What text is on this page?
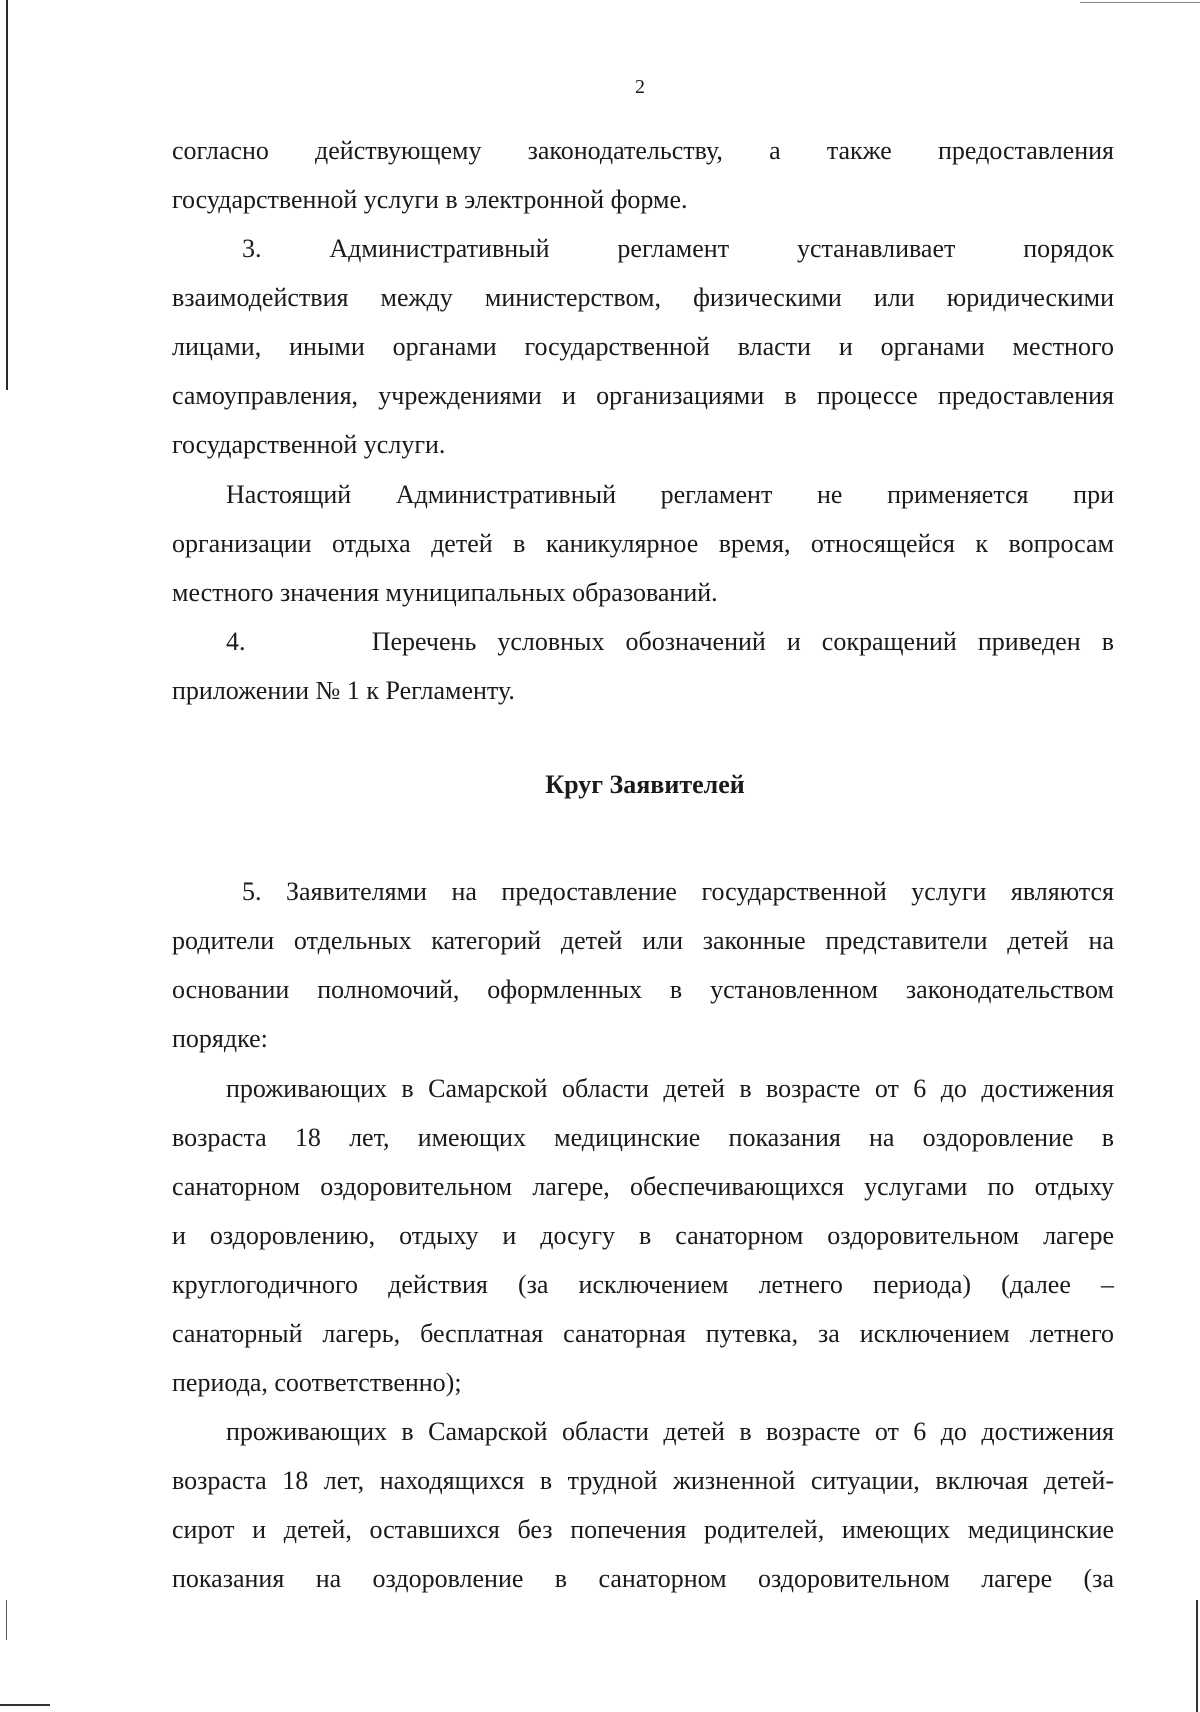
2
согласно действующему законодательству, а также предоставления
государственной услуги в электронной форме.
3. Административный регламент устанавливает порядок
взаимодействия между министерством, физическими или юридическими
лицами, иными органами государственной власти и органами местного
самоуправления, учреждениями и организациями в процессе предоставления
государственной услуги.
Настоящий Административный регламент не применяется при
организации отдыха детей в каникулярное время, относящейся к вопросам
местного значения муниципальных образований.
4.      Перечень условных обозначений и сокращений приведен в
приложении № 1 к Регламенту.
Круг Заявителей
5. Заявителями на предоставление государственной услуги являются
родители отдельных категорий детей или законные представители детей на
основании полномочий, оформленных в установленном законодательством
порядке:
проживающих в Самарской области детей в возрасте от 6 до достижения
возраста 18 лет, имеющих медицинские показания на оздоровление в
санаторном оздоровительном лагере, обеспечивающихся услугами по отдыху
и оздоровлению, отдыху и досугу в санаторном оздоровительном лагере
круглогодичного действия (за исключением летнего периода) (далее –
санаторный лагерь, бесплатная санаторная путевка, за исключением летнего
периода, соответственно);
проживающих в Самарской области детей в возрасте от 6 до достижения
возраста 18 лет, находящихся в трудной жизненной ситуации, включая детей-
сирот и детей, оставшихся без попечения родителей, имеющих медицинские
показания на оздоровление в санаторном оздоровительном лагере (за
